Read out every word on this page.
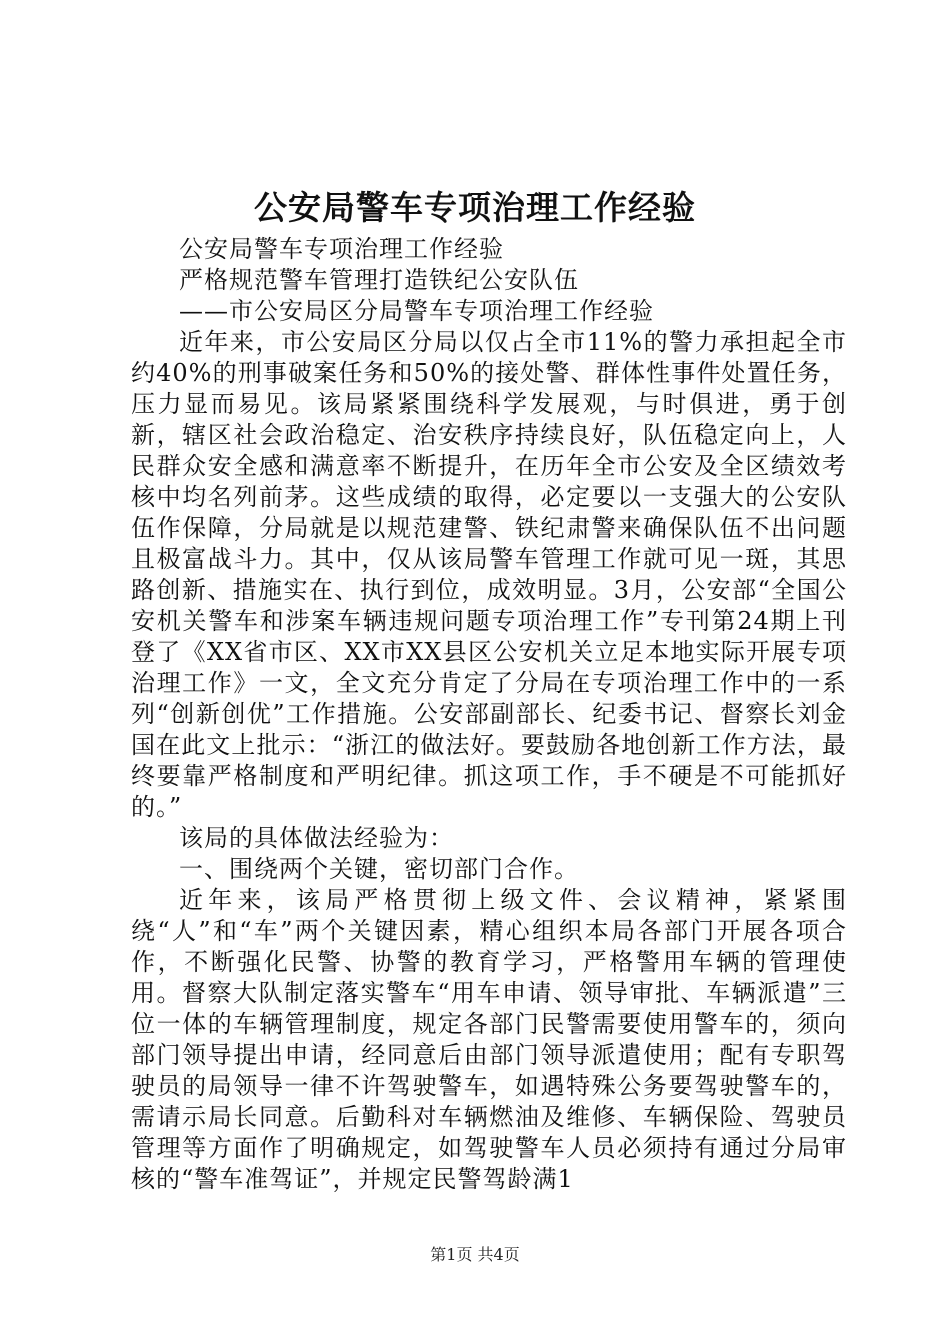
公安局警车专项治理工作经验

公安局警车专项治理工作经验

严格规范警车管理打造铁纪公安队伍

——市公安局区分局警车专项治理工作经验

近年来，市公安局区分局以仅占全市11%的警力承担起全市约40%的刑事破案任务和50%的接处警、群体性事件处置任务，压力显而易见。该局紧紧围绕科学发展观，与时俱进，勇于创新，辖区社会政治稳定、治安秩序持续良好，队伍稳定向上，人民群众安全感和满意率不断提升，在历年全市公安及全区绩效考核中均名列前茅。这些成绩的取得，必定要以一支强大的公安队伍作保障，分局就是以规范建警、铁纪肃警来确保队伍不出问题且极富战斗力。其中，仅从该局警车管理工作就可见一斑，其思路创新、措施实在、执行到位，成效明显。3月，公安部“全国公安机关警车和涉案车辆违规问题专项治理工作”专刊第24期上刊登了《XX省市区、XX市XX县区公安机关立足本地实际开展专项治理工作》一文，全文充分肯定了分局在专项治理工作中的一系列“创新创优”工作措施。公安部副部长、纪委书记、督察长刘金国在此文上批示：“浙江的做法好。要鼓励各地创新工作方法，最终要靠严格制度和严明纪律。抓这项工作，手不硬是不可能抓好的。”

该局的具体做法经验为：

一、围绕两个关键，密切部门合作。

近年来，该局严格贯彻上级文件、会议精神，紧紧围绕“人”和“车”两个关键因素，精心组织本局各部门开展各项合作，不断强化民警、协警的教育学习，严格警用车辆的管理使用。督察大队制定落实警车“用车申请、领导审批、车辆派遣”三位一体的车辆管理制度，规定各部门民警需要使用警车的，须向部门领导提出申请，经同意后由部门领导派遣使用；配有专职驾驶员的局领导一律不许驾驶警车，如遇特殊公务要驾驶警车的，需请示局长同意。后勤科对车辆燃油及维修、车辆保险、驾驶员管理等方面作了明确规定，如驾驶警车人员必须持有通过分局审核的“警车准驾证”，并规定民警驾龄满1

第1页 共4页
